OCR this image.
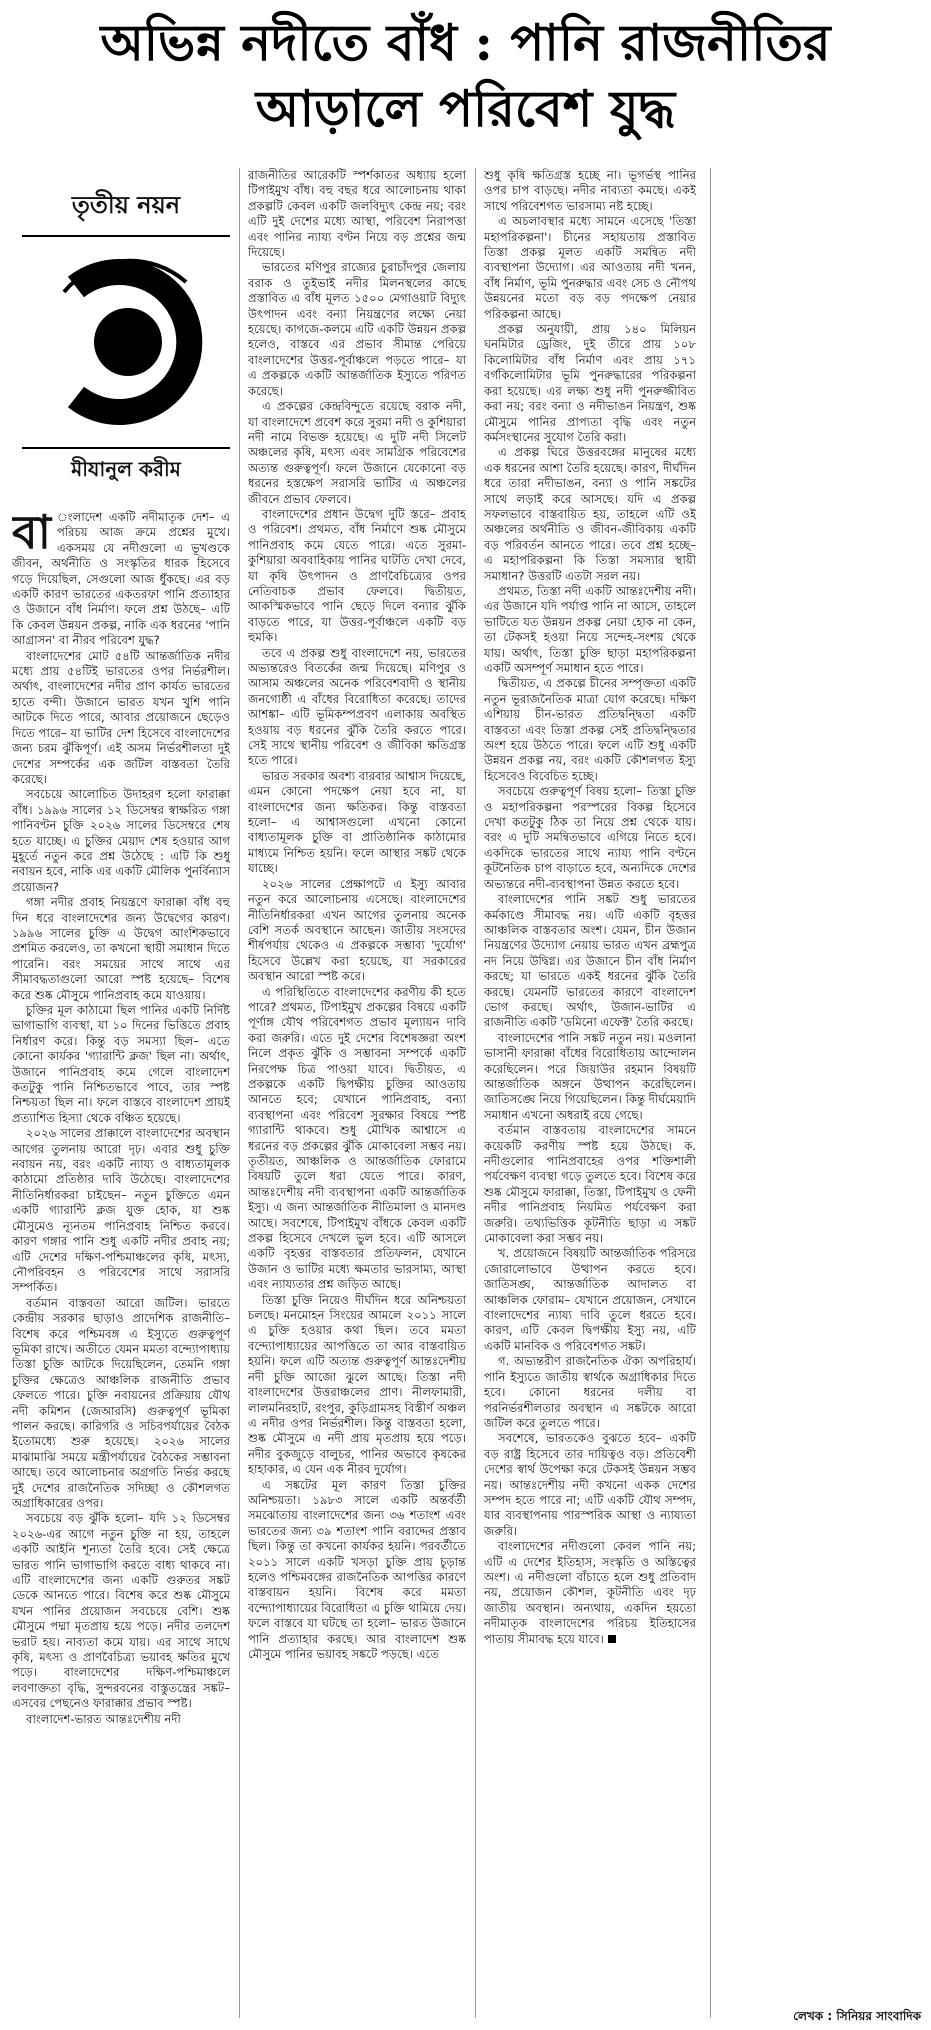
অভিন্ন নদীতে বাঁধ : পানি রাজনীতির
আড়ালে পরিবেশ যুদ্ধ
তৃতীয় নয়ন
মীযানুল করীম

বা ংলাদেশ একটি নদীমাতৃক দেশ– এ পরিচয় আজ ক্রমে প্রশ্নের মুখে। একসময় যে নদীগুলো এ ভূখণ্ডকে জীবন, অর্থনীতি ও সংস্কৃতির ধারক হিসেবে গড়ে দিয়েছিল, সেগুলো আজ ধুঁকছে। এর বড় একটি কারণ ভারতের একতরফা পানি প্রত্যাহার ও উজানে বাঁধ নির্মাণ। ফলে প্রশ্ন উঠছে– এটি কি কেবল উন্নয়ন প্রকল্প, নাকি এক ধরনের 'পানি আগ্রাসন' বা নীরব পরিবেশ যুদ্ধ?

বাংলাদেশের মোট ৫৪টি আন্তর্জাতিক নদীর মধ্যে প্রায় ৫৪টিই ভারতের ওপর নির্ভরশীল। অর্থাৎ, বাংলাদেশের নদীর প্রাণ কার্যত ভারতের হাতে বন্দী। উজানে ভারত যখন খুশি পানি আটকে দিতে পারে, আবার প্রয়োজনে ছেড়েও দিতে পারে– যা ভাটির দেশ হিসেবে বাংলাদেশের জন্য চরম ঝুঁকিপূর্ণ। এই অসম নির্ভরশীলতা দুই দেশের সম্পর্কের এক জটিল বাস্তবতা তৈরি করেছে।

সবচেয়ে আলোচিত উদাহরণ হলো ফারাক্কা বাঁধ। ১৯৯৬ সালের ১২ ডিসেম্বর স্বাক্ষরিত গঙ্গা পানিবণ্টন চুক্তি ২০২৬ সালের ডিসেম্বরে শেষ হতে যাচ্ছে। এ চুক্তির মেয়াদ শেষ হওয়ার আগ মুহূর্তে নতুন করে প্রশ্ন উঠেছে : এটি কি শুধু নবায়ন হবে, নাকি এর একটি মৌলিক পুনর্বিন্যাস প্রয়োজন?

গঙ্গা নদীর প্রবাহ নিয়ন্ত্রণে ফারাক্কা বাঁধ বহু দিন ধরে বাংলাদেশের জন্য উদ্বেগের কারণ। ১৯৯৬ সালের চুক্তি এ উদ্বেগ আংশিকভাবে প্রশমিত করলেও, তা কখনো স্থায়ী সমাধান দিতে পারেনি। বরং সময়ের সাথে সাথে এর সীমাবদ্ধতাগুলো আরো স্পষ্ট হয়েছে– বিশেষ করে শুষ্ক মৌসুমে পানিপ্রবাহ কমে যাওয়ায়।

চুক্তির মূল কাঠামো ছিল পানির একটি নির্দিষ্ট ভাগাভাগি ব্যবস্থা, যা ১০ দিনের ভিত্তিতে প্রবাহ নির্ধারণ করে। কিন্তু বড় সমস্যা ছিল– এতে কোনো কার্যকর 'গ্যারান্টি ক্লজ' ছিল না। অর্থাৎ, উজানে পানিপ্রবাহ কমে গেলে বাংলাদেশ কতটুকু পানি নিশ্চিতভাবে পাবে, তার স্পষ্ট নিশ্চয়তা ছিল না। ফলে বাস্তবে বাংলাদেশ প্রায়ই প্রত্যাশিত হিস্যা থেকে বঞ্চিত হয়েছে।

২০২৬ সালের প্রাক্কালে বাংলাদেশের অবস্থান আগের তুলনায় আরো দৃঢ়। এবার শুধু চুক্তি নবায়ন নয়, বরং একটি ন্যায্য ও বাধ্যতামূলক কাঠামো প্রতিষ্ঠার দাবি উঠেছে। বাংলাদেশের নীতিনির্ধারকরা চাইছেন– নতুন চুক্তিতে এমন একটি গ্যারান্টি ক্লজ যুক্ত হোক, যা শুষ্ক মৌসুমেও ন্যূনতম পানিপ্রবাহ নিশ্চিত করবে। কারণ গঙ্গার পানি শুধু একটি নদীর প্রবাহ নয়; এটি দেশের দক্ষিণ-পশ্চিমাঞ্চলের কৃষি, মৎস্য, নৌপরিবহন ও পরিবেশের সাথে সরাসরি সম্পর্কিত।

বর্তমান বাস্তবতা আরো জটিল। ভারতে কেন্দ্রীয় সরকার ছাড়াও প্রাদেশিক রাজনীতি– বিশেষ করে পশ্চিমবঙ্গ এ ইস্যুতে গুরুত্বপূর্ণ ভূমিকা রাখে। অতীতে যেমন মমতা বন্দ্যোপাধ্যায় তিস্তা চুক্তি আটকে দিয়েছিলেন, তেমনি গঙ্গা চুক্তির ক্ষেত্রেও আঞ্চলিক রাজনীতি প্রভাব ফেলতে পারে। চুক্তি নবায়নের প্রক্রিয়ায় যৌথ নদী কমিশন (জেআরসি) গুরুত্বপূর্ণ ভূমিকা পালন করছে। কারিগরি ও সচিবপর্যায়ের বৈঠক ইতোমধ্যে শুরু হয়েছে। ২০২৬ সালের মাঝামাঝি সময়ে মন্ত্রীপর্যায়ের বৈঠকের সম্ভাবনা আছে। তবে আলোচনার অগ্রগতি নির্ভর করছে দুই দেশের রাজনৈতিক সদিচ্ছা ও কৌশলগত অগ্রাধিকারের ওপর।

সবচেয়ে বড় ঝুঁকি হলো– যদি ১২ ডিসেম্বর ২০২৬-এর আগে নতুন চুক্তি না হয়, তাহলে একটি আইনি শূন্যতা তৈরি হবে। সেই ক্ষেত্রে ভারত পানি ভাগাভাগি করতে বাধ্য থাকবে না। এটি বাংলাদেশের জন্য একটি গুরুতর সঙ্কট ডেকে আনতে পারে। বিশেষ করে শুষ্ক মৌসুমে যখন পানির প্রয়োজন সবচেয়ে বেশি। শুষ্ক মৌসুমে পদ্মা মৃতপ্রায় হয়ে পড়ে। নদীর তলদেশ ভরাট হয়। নাব্যতা কমে যায়। এর সাথে সাথে কৃষি, মৎস্য ও প্রাণবৈচিত্র্য ভয়াবহ ক্ষতির মুখে পড়ে। বাংলাদেশের দক্ষিণ-পশ্চিমাঞ্চলে লবণাক্ততা বৃদ্ধি, সুন্দরবনের বাস্তুতন্ত্রের সঙ্কট– এসবের পেছনেও ফারাক্কার প্রভাব স্পষ্ট।

বাংলাদেশ-ভারত আন্তঃদেশীয় নদী

রাজনীতির আরেকটি স্পর্শকাতর অধ্যায় হলো টিপাইমুখ বাঁধ। বহু বছর ধরে আলোচনায় থাকা প্রকল্পটি কেবল একটি জলবিদ্যুৎ কেন্দ্র নয়; বরং এটি দুই দেশের মধ্যে আস্থা, পরিবেশ নিরাপত্তা এবং পানির ন্যায্য বণ্টন নিয়ে বড় প্রশ্নের জন্ম দিয়েছে।

ভারতের মণিপুর রাজ্যের চুরাচাঁদপুর জেলায় বরাক ও তুইভাই নদীর মিলনস্থলের কাছে প্রস্তাবিত এ বাঁধ মূলত ১৫০০ মেগাওয়াট বিদ্যুৎ উৎপাদন এবং বন্যা নিয়ন্ত্রণের লক্ষ্যে নেয়া হয়েছে। কাগজে-কলমে এটি একটি উন্নয়ন প্রকল্প হলেও, বাস্তবে এর প্রভাব সীমান্ত পেরিয়ে বাংলাদেশের উত্তর-পূর্বাঞ্চলে পড়তে পারে– যা এ প্রকল্পকে একটি আন্তর্জাতিক ইস্যুতে পরিণত করেছে।

এ প্রকল্পের কেন্দ্রবিন্দুতে রয়েছে বরাক নদী, যা বাংলাদেশে প্রবেশ করে সুরমা নদী ও কুশিয়ারা নদী নামে বিভক্ত হয়েছে। এ দুটি নদী সিলেট অঞ্চলের কৃষি, মৎস্য এবং সামগ্রিক পরিবেশের অত্যন্ত গুরুত্বপূর্ণ। ফলে উজানে যেকোনো বড় ধরনের হস্তক্ষেপ সরাসরি ভাটির এ অঞ্চলের জীবনে প্রভাব ফেলবে।

বাংলাদেশের প্রধান উদ্বেগ দুটি স্তরে– প্রবাহ ও পরিবেশ। প্রথমত, বাঁধ নির্মাণে শুষ্ক মৌসুমে পানিপ্রবাহ কমে যেতে পারে। এতে সুরমা-কুশিয়ারা অববাহিকায় পানির ঘাটতি দেখা দেবে, যা কৃষি উৎপাদন ও প্রাণবৈচিত্র্যের ওপর নেতিবাচক প্রভাব ফেলবে। দ্বিতীয়ত, আকস্মিকভাবে পানি ছেড়ে দিলে বন্যার ঝুঁকি বাড়তে পারে, যা উত্তর-পূর্বাঞ্চলে একটি বড় হুমকি।

তবে এ প্রকল্প শুধু বাংলাদেশে নয়, ভারতের অভ্যন্তরেও বিতর্কের জন্ম দিয়েছে। মণিপুর ও আসাম অঞ্চলের অনেক পরিবেশবাদী ও স্থানীয় জনগোষ্ঠী এ বাঁধের বিরোধিতা করেছে। তাদের আশঙ্কা– এটি ভূমিকম্পপ্রবণ এলাকায় অবস্থিত হওয়ায় বড় ধরনের ঝুঁকি তৈরি করতে পারে। সেই সাথে স্থানীয় পরিবেশ ও জীবিকা ক্ষতিগ্রস্ত হতে পারে।

ভারত সরকার অবশ্য বারবার আশ্বাস দিয়েছে, এমন কোনো পদক্ষেপ নেয়া হবে না, যা বাংলাদেশের জন্য ক্ষতিকর। কিন্তু বাস্তবতা হলো– এ আশ্বাসগুলো এখনো কোনো বাধ্যতামূলক চুক্তি বা প্রাতিষ্ঠানিক কাঠামোর মাধ্যমে নিশ্চিত হয়নি। ফলে আস্থার সঙ্কট থেকে যাচ্ছে।

২০২৬ সালের প্রেক্ষাপটে এ ইস্যু আবার নতুন করে আলোচনায় এসেছে। বাংলাদেশের নীতিনির্ধারকরা এখন আগের তুলনায় অনেক বেশি সতর্ক অবস্থানে আছেন। জাতীয় সংসদের শীর্ষপর্যায় থেকেও এ প্রকল্পকে সম্ভাব্য 'দুর্যোগ' হিসেবে উল্লেখ করা হয়েছে, যা সরকারের অবস্থান আরো স্পষ্ট করে।

এ পরিস্থিতিতে বাংলাদেশের করণীয় কী হতে পারে? প্রথমত, টিপাইমুখ প্রকল্পের বিষয়ে একটি পূর্ণাঙ্গ যৌথ পরিবেশগত প্রভাব মূল্যায়ন দাবি করা জরুরি। এতে দুই দেশের বিশেষজ্ঞরা অংশ নিলে প্রকৃত ঝুঁকি ও সম্ভাবনা সম্পর্কে একটি নিরপেক্ষ চিত্র পাওয়া যাবে। দ্বিতীয়ত, এ প্রকল্পকে একটি দ্বিপক্ষীয় চুক্তির আওতায় আনতে হবে; যেখানে পানিপ্রবাহ, বন্যা ব্যবস্থাপনা এবং পরিবেশ সুরক্ষার বিষয়ে স্পষ্ট গ্যারান্টি থাকবে। শুধু মৌখিক আশ্বাসে এ ধরনের বড় প্রকল্পের ঝুঁকি মোকাবেলা সম্ভব নয়। তৃতীয়ত, আঞ্চলিক ও আন্তর্জাতিক ফোরামে বিষয়টি তুলে ধরা যেতে পারে। কারণ, আন্তঃদেশীয় নদী ব্যবস্থাপনা একটি আন্তর্জাতিক ইস্যু। এ জন্য আন্তর্জাতিক নীতিমালা ও মানদণ্ড আছে। সবশেষে, টিপাইমুখ বাঁধকে কেবল একটি প্রকল্প হিসেবে দেখলে ভুল হবে। এটি আসলে একটি বৃহত্তর বাস্তবতার প্রতিফলন, যেখানে উজান ও ভাটির মধ্যে ক্ষমতার ভারসাম্য, আস্থা এবং ন্যায্যতার প্রশ্ন জড়িত আছে।

তিস্তা চুক্তি নিয়েও দীর্ঘদিন ধরে অনিশ্চয়তা চলছে। মনমোহন সিংয়ের আমলে ২০১১ সালে এ চুক্তি হওয়ার কথা ছিল। তবে মমতা বন্দ্যোপাধ্যায়ের আপত্তিতে তা আর বাস্তবায়িত হয়নি। ফলে এটি অত্যন্ত গুরুত্বপূর্ণ আন্তঃদেশীয় নদী চুক্তি আজো ঝুলে আছে। তিস্তা নদী বাংলাদেশের উত্তরাঞ্চলের প্রাণ। নীলফামারী, লালমনিরহাট, রংপুর, কুড়িগ্রামসহ বিস্তীর্ণ অঞ্চল এ নদীর ওপর নির্ভরশীল। কিন্তু বাস্তবতা হলো, শুষ্ক মৌসুমে এ নদী প্রায় মৃতপ্রায় হয়ে পড়ে। নদীর বুকজুড়ে বালুচর, পানির অভাবে কৃষকের হাহাকার, এ যেন এক নীরব দুর্যোগ।

এ সঙ্কটের মূল কারণ তিস্তা চুক্তির অনিশ্চয়তা। ১৯৮৩ সালে একটি অন্তর্বর্তী সমঝোতায় বাংলাদেশের জন্য ৩৬ শতাংশ এবং ভারতের জন্য ৩৯ শতাংশ পানি বরাদ্দের প্রস্তাব ছিল। কিন্তু তা কখনো কার্যকর হয়নি। পরবর্তীতে ২০১১ সালে একটি খসড়া চুক্তি প্রায় চূড়ান্ত হলেও পশ্চিমবঙ্গের রাজনৈতিক আপত্তির কারণে বাস্তবায়ন হয়নি। বিশেষ করে মমতা বন্দ্যোপাধ্যায়ের বিরোধিতা এ চুক্তি থামিয়ে দেয়। ফলে বাস্তবে যা ঘটছে তা হলো– ভারত উজানে পানি প্রত্যাহার করছে। আর বাংলাদেশ শুষ্ক মৌসুমে পানির ভয়াবহ সঙ্কটে পড়ছে। এতে

শুধু কৃষি ক্ষতিগ্রস্ত হচ্ছে না। ভূগর্ভস্থ পানির ওপর চাপ বাড়ছে। নদীর নাব্যতা কমছে। একই সাথে পরিবেশগত ভারসাম্য নষ্ট হচ্ছে।

এ অচলাবস্থার মধ্যে সামনে এসেছে 'তিস্তা মহাপরিকল্পনা'। চীনের সহায়তায় প্রস্তাবিত তিস্তা প্রকল্প মূলত একটি সমন্বিত নদী ব্যবস্থাপনা উদ্যোগ। এর আওতায় নদী খনন, বাঁধ নির্মাণ, ভূমি পুনরুদ্ধার এবং সেচ ও নৌপথ উন্নয়নের মতো বড় বড় পদক্ষেপ নেয়ার পরিকল্পনা আছে।

প্রকল্প অনুযায়ী, প্রায় ১৪০ মিলিয়ন ঘনমিটার ড্রেজিং, দুই তীরে প্রায় ১০৮ কিলোমিটার বাঁধ নির্মাণ এবং প্রায় ১৭১ বর্গকিলোমিটার ভূমি পুনরুদ্ধারের পরিকল্পনা করা হয়েছে। এর লক্ষ্য শুধু নদী পুনরুজ্জীবিত করা নয়; বরং বন্যা ও নদীভাঙন নিয়ন্ত্রণ, শুষ্ক মৌসুমে পানির প্রাপ্যতা বৃদ্ধি এবং নতুন কর্মসংস্থানের সুযোগ তৈরি করা।

এ প্রকল্প ঘিরে উত্তরবঙ্গের মানুষের মধ্যে এক ধরনের আশা তৈরি হয়েছে। কারণ, দীর্ঘদিন ধরে তারা নদীভাঙন, বন্যা ও পানি সঙ্কটের সাথে লড়াই করে আসছে। যদি এ প্রকল্প সফলভাবে বাস্তবায়িত হয়, তাহলে এটি ওই অঞ্চলের অর্থনীতি ও জীবন-জীবিকায় একটি বড় পরিবর্তন আনতে পারে। তবে প্রশ্ন হচ্ছে– এ মহাপরিকল্পনা কি তিস্তা সমস্যার স্থায়ী সমাধান? উত্তরটি এতটা সরল নয়।

প্রথমত, তিস্তা নদী একটি আন্তঃদেশীয় নদী। এর উজানে যদি পর্যাপ্ত পানি না আসে, তাহলে ভাটিতে যত উন্নয়ন প্রকল্প নেয়া হোক না কেন, তা টেকসই হওয়া নিয়ে সন্দেহ-সংশয় থেকে যায়। অর্থাৎ, তিস্তা চুক্তি ছাড়া মহাপরিকল্পনা একটি অসম্পূর্ণ সমাধান হতে পারে।

দ্বিতীয়ত, এ প্রকল্পে চীনের সম্পৃক্ততা একটি নতুন ভূরাজনৈতিক মাত্রা যোগ করেছে। দক্ষিণ এশিয়ায় চীন-ভারত প্রতিদ্বন্দ্বিতা একটি বাস্তবতা এবং তিস্তা প্রকল্প সেই প্রতিদ্বন্দ্বিতার অংশ হয়ে উঠতে পারে। ফলে এটি শুধু একটি উন্নয়ন প্রকল্প নয়, বরং একটি কৌশলগত ইস্যু হিসেবেও বিবেচিত হচ্ছে।

সবচেয়ে গুরুত্বপূর্ণ বিষয় হলো– তিস্তা চুক্তি ও মহাপরিকল্পনা পরস্পরের বিকল্প হিসেবে দেখা কতটুকু ঠিক তা নিয়ে প্রশ্ন থেকে যায়। বরং এ দুটি সমন্বিতভাবে এগিয়ে নিতে হবে। একদিকে ভারতের সাথে ন্যায্য পানি বণ্টনে কূটনৈতিক চাপ বাড়াতে হবে, অন্যদিকে দেশের অভ্যন্তরে নদী-ব্যবস্থাপনা উন্নত করতে হবে।

বাংলাদেশের পানি সঙ্কট শুধু ভারতের কর্মকাণ্ডে সীমাবদ্ধ নয়। এটি একটি বৃহত্তর আঞ্চলিক বাস্তবতার অংশ। যেমন, চীন উজান নিয়ন্ত্রণের উদ্যোগ নেয়ায় ভারত এখন ব্রহ্মপুত্র নদ নিয়ে উদ্বিগ্ন। এর উজানে চীন বাঁধ নির্মাণ করছে; যা ভারতে একই ধরনের ঝুঁকি তৈরি করছে। যেমনটি ভারতের কারণে বাংলাদেশ ভোগ করছে। অর্থাৎ, উজান-ভাটির এ রাজনীতি একটি 'ডমিনো এফেক্ট' তৈরি করছে।

বাংলাদেশের পানি সঙ্কট নতুন নয়। মওলানা ভাসানী ফারাক্কা বাঁধের বিরোধিতায় আন্দোলন করেছিলেন। পরে জিয়াউর রহমান বিষয়টি আন্তর্জাতিক অঙ্গনে উত্থাপন করেছিলেন। জাতিসঙ্ঘে নিয়ে গিয়েছিলেন। কিন্তু দীর্ঘমেয়াদি সমাধান এখনো অধরাই রয়ে গেছে।

বর্তমান বাস্তবতায় বাংলাদেশের সামনে কয়েকটি করণীয় স্পষ্ট হয়ে উঠছে। ক. নদীগুলোর পানিপ্রবাহের ওপর শক্তিশালী পর্যবেক্ষণ ব্যবস্থা গড়ে তুলতে হবে। বিশেষ করে শুষ্ক মৌসুমে ফারাক্কা, তিস্তা, টিপাইমুখ ও ফেনী নদীর পানিপ্রবাহ নিয়মিত পর্যবেক্ষণ করা জরুরি। তথ্যভিত্তিক কূটনীতি ছাড়া এ সঙ্কট মোকাবেলা করা সম্ভব নয়।

খ. প্রয়োজনে বিষয়টি আন্তর্জাতিক পরিসরে জোরালোভাবে উত্থাপন করতে হবে। জাতিসঙ্ঘ, আন্তর্জাতিক আদালত বা আঞ্চলিক ফোরাম– যেখানে প্রয়োজন, সেখানে বাংলাদেশের ন্যায্য দাবি তুলে ধরতে হবে। কারণ, এটি কেবল দ্বিপক্ষীয় ইস্যু নয়, এটি একটি মানবিক ও পরিবেশগত সঙ্কট।

গ. অভ্যন্তরীণ রাজনৈতিক ঐক্য অপরিহার্য। পানি ইস্যুতে জাতীয় স্বার্থকে অগ্রাধিকার দিতে হবে। কোনো ধরনের দলীয় বা পরনির্ভরশীলতার অবস্থান এ সঙ্কটকে আরো জটিল করে তুলতে পারে।

সবশেষে, ভারতকেও বুঝতে হবে– একটি বড় রাষ্ট্র হিসেবে তার দায়িত্বও বড়। প্রতিবেশী দেশের স্বার্থ উপেক্ষা করে টেকসই উন্নয়ন সম্ভব নয়। আন্তঃদেশীয় নদী কখনো একক দেশের সম্পদ হতে পারে না; এটি একটি যৌথ সম্পদ, যার ব্যবস্থাপনায় পারস্পরিক আস্থা ও ন্যায্যতা জরুরি।

বাংলাদেশের নদীগুলো কেবল পানি নয়; এটি এ দেশের ইতিহাস, সংস্কৃতি ও অস্তিত্বের অংশ। এ নদীগুলো বাঁচাতে হলে শুধু প্রতিবাদ নয়, প্রয়োজন কৌশল, কূটনীতি এবং দৃঢ় জাতীয় অবস্থান। অন্যথায়, একদিন হয়তো নদীমাতৃক বাংলাদেশের পরিচয় ইতিহাসের পাতায় সীমাবদ্ধ হয়ে যাবে।

লেখক : সিনিয়র সাংবাদিক
